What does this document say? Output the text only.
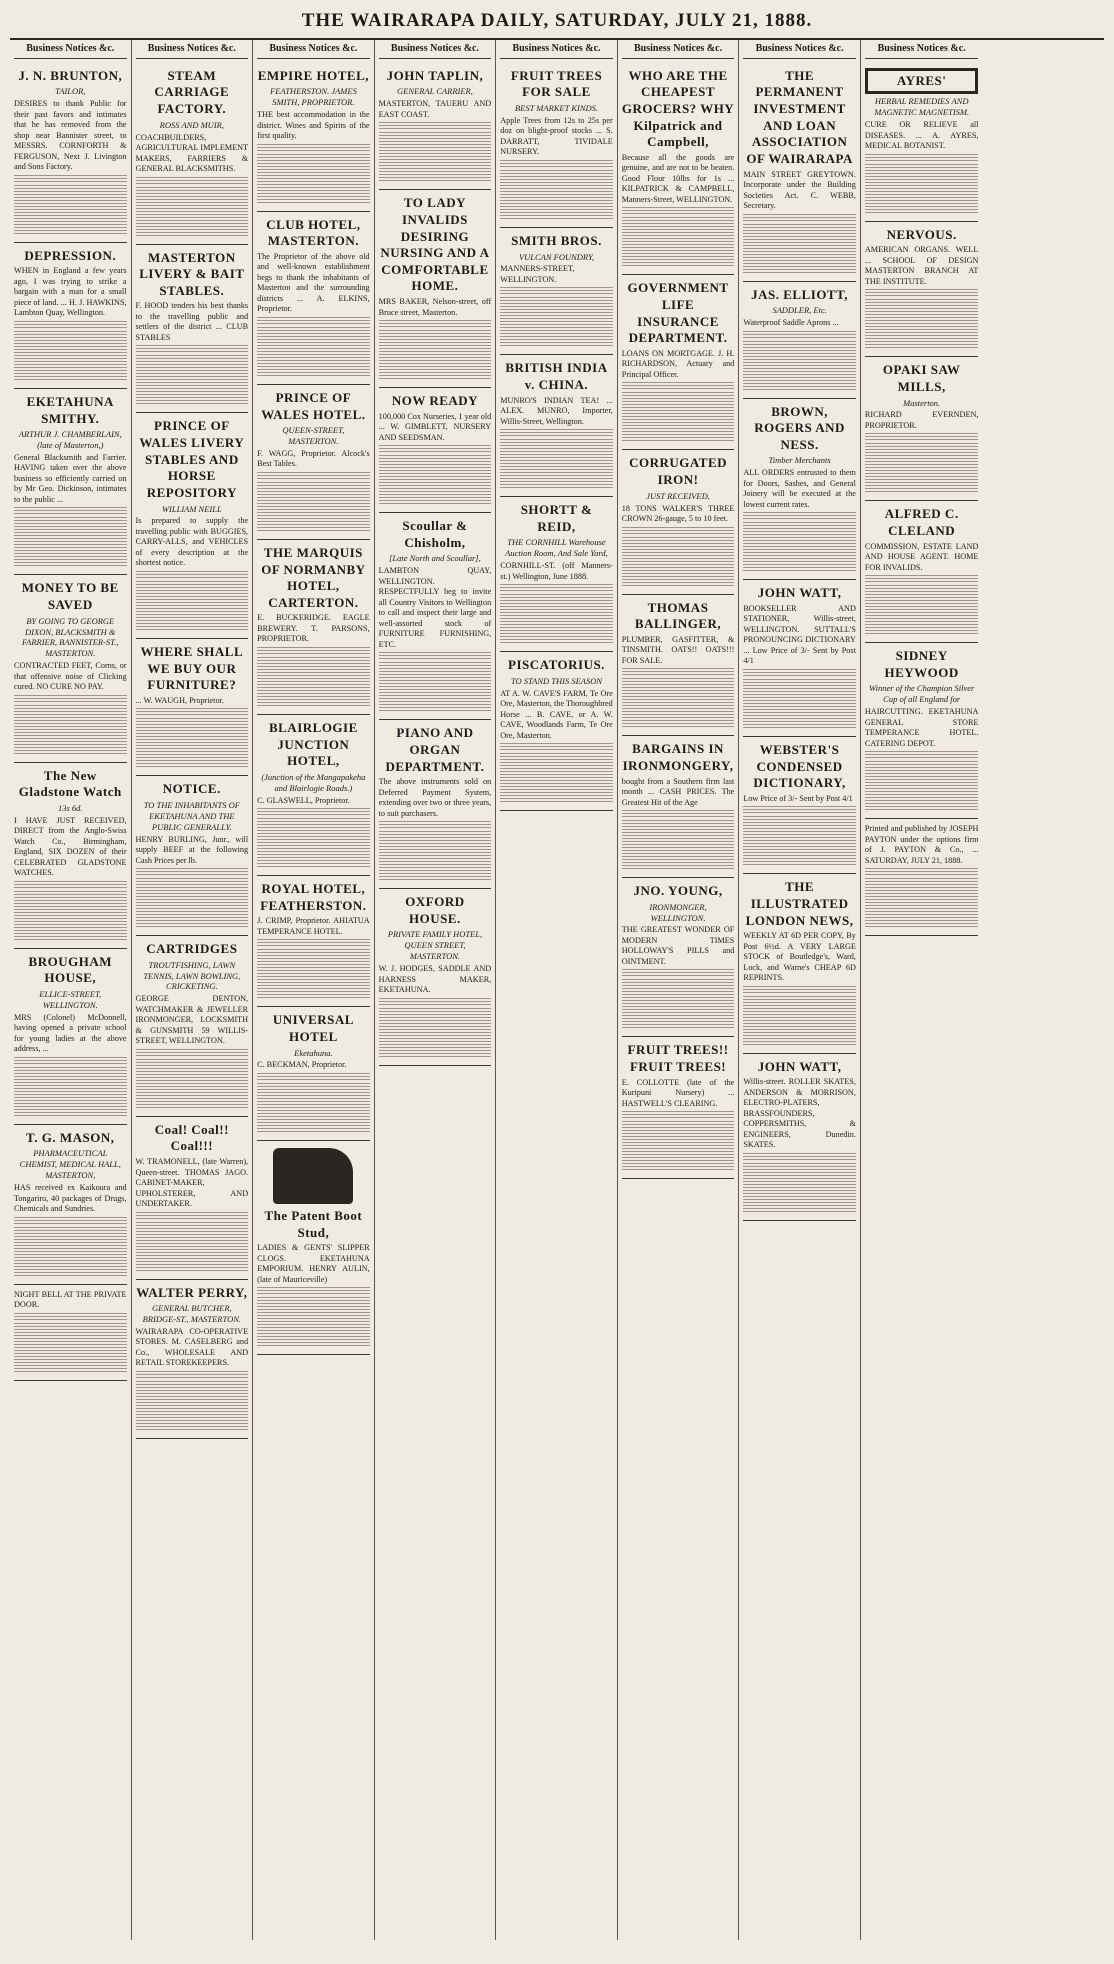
THE WAIRARAPA DAILY, SATURDAY, JULY 21, 1888.
Business Notices &c.
J. N. BRUNTON,
TAILOR,

DESIRES to thank Public for their past favors and intimates that he has removed from the shop near Bannister street, to MESSRS. CORNFORTH & FERGUSON, Next J. Livington and Sons Factory.

DEPRESSION.

WHEN in England a few years ago, I was trying to strike a bargain with a man for a small piece of land. ... H. J. HAWKINS, Lambton Quay, Wellington.

EKETAHUNA SMITHY.
ARTHUR J. CHAMBERLAIN, (late of Masterton,)

General Blacksmith and Farrier. HAVING taken over the above business so efficiently carried on by Mr Geo. Dickinson, intimates to the public ...

MONEY TO BE SAVED
BY GOING TO GEORGE DIXON, BLACKSMITH & FARRIER, BANNISTER-ST., MASTERTON.

CONTRACTED FEET, Corns, or that offensive noise of Clicking cured. NO CURE NO PAY.

The New Gladstone Watch
13s 6d.

I HAVE JUST RECEIVED, DIRECT from the Anglo-Swiss Watch Co., Birmingham, England, SIX DOZEN of their CELEBRATED GLADSTONE WATCHES.

BROUGHAM HOUSE,
ELLICE-STREET, WELLINGTON.

MRS (Colonel) McDonnell, having opened a private school for young ladies at the above address, ...

T. G. MASON,
PHARMACEUTICAL CHEMIST, MEDICAL HALL, MASTERTON,

HAS received ex Kaikoura and Tongariro, 40 packages of Drugs, Chemicals and Sundries.

NIGHT BELL AT THE PRIVATE DOOR.

Business Notices &c.
STEAM CARRIAGE FACTORY.
ROSS AND MUIR,

COACHBUILDERS, AGRICULTURAL IMPLEMENT MAKERS, FARRIERS & GENERAL BLACKSMITHS.

MASTERTON LIVERY & BAIT STABLES.

F. HOOD tenders his best thanks to the travelling public and settlers of the district ... CLUB STABLES

PRINCE OF WALES LIVERY STABLES AND HORSE REPOSITORY
WILLIAM NEILL

Is prepared to supply the travelling public with BUGGIES, CARRY-ALLS, and VEHICLES of every description at the shortest notice.

WHERE SHALL WE BUY OUR FURNITURE?

... W. WAUGH, Proprietor.

NOTICE.
TO THE INHABITANTS OF EKETAHUNA AND THE PUBLIC GENERALLY.

HENRY BURLING, Junr., will supply BEEF at the following Cash Prices per lb.

CARTRIDGES
TROUTFISHING, LAWN TENNIS, LAWN BOWLING, CRICKETING.

GEORGE DENTON, WATCHMAKER & JEWELLER IRONMONGER, LOCKSMITH & GUNSMITH 59 WILLIS-STREET, WELLINGTON.

Coal! Coal!! Coal!!!

W. TRAMONELL, (late Warren), Queen-street. THOMAS JAGO. CABINET-MAKER, UPHOLSTERER, AND UNDERTAKER.

WALTER PERRY,
GENERAL BUTCHER, BRIDGE-ST., MASTERTON.

WAIRARAPA CO-OPERATIVE STORES. M. CASELBERG and Co., WHOLESALE AND RETAIL STOREKEEPERS.

Business Notices &c.
EMPIRE HOTEL,
FEATHERSTON. JAMES SMITH, PROPRIETOR.

THE best accommodation in the district. Wines and Spirits of the first quality.

CLUB HOTEL, MASTERTON.

The Proprietor of the above old and well-known establishment begs to thank the inhabitants of Masterton and the surrounding districts ... A. ELKINS, Proprietor.

PRINCE OF WALES HOTEL.
QUEEN-STREET, MASTERTON.

F. WAGG, Proprietor. Alcock's Best Tables.

THE MARQUIS OF NORMANBY HOTEL, CARTERTON.

E. BUCKERIDGE. EAGLE BREWERY. T. PARSONS, PROPRIETOR.

BLAIRLOGIE JUNCTION HOTEL,
(Junction of the Mangapakeha and Blairlogie Roads.)

C. GLASWELL, Proprietor.

ROYAL HOTEL, FEATHERSTON.

J. CRIMP, Proprietor. AHIATUA TEMPERANCE HOTEL.

UNIVERSAL HOTEL
Eketahuna.

C. BECKMAN, Proprietor.

The Patent Boot Stud,

LADIES & GENTS' SLIPPER CLOGS. EKETAHUNA EMPORIUM. HENRY AULIN, (late of Mauriceville)

Business Notices &c.
JOHN TAPLIN,
GENERAL CARRIER,

MASTERTON, TAUERU AND EAST COAST.

TO LADY INVALIDS DESIRING NURSING AND A COMFORTABLE HOME.

MRS BAKER, Nelson-street, off Bruce street, Masterton.

NOW READY

100,000 Cox Nurseries, 1 year old ... W. GIMBLETT, NURSERY AND SEEDSMAN.

Scoullar & Chisholm,
[Late North and Scoullar],

LAMBTON QUAY, WELLINGTON. RESPECTFULLY beg to invite all Country Visitors to Wellington to call and inspect their large and well-assorted stock of FURNITURE FURNISHING, ETC.

PIANO AND ORGAN DEPARTMENT.

The above instruments sold on Deferred Payment System, extending over two or three years, to suit purchasers.

OXFORD HOUSE.
PRIVATE FAMILY HOTEL, QUEEN STREET, MASTERTON.

W. J. HODGES, SADDLE AND HARNESS MAKER, EKETAHUNA.

Business Notices &c.
FRUIT TREES FOR SALE
BEST MARKET KINDS.

Apple Trees from 12s to 25s per doz on blight-proof stocks ... S. DARRATT, TIVIDALE NURSERY.

SMITH BROS.
VULCAN FOUNDRY,

MANNERS-STREET, WELLINGTON.

BRITISH INDIA v. CHINA.

MUNRO'S INDIAN TEA! ... ALEX. MUNRO, Importer, Willis-Street, Wellington.

SHORTT & REID,
THE CORNHILL Warehouse Auction Room, And Sale Yard,

CORNHILL-ST. (off Manners-st.) Wellington, June 1888.

PISCATORIUS.
TO STAND THIS SEASON

AT A. W. CAVE'S FARM, Te Ore Ore, Masterton, the Thoroughbred Horse ... B. CAVE, or A. W. CAVE, Woodlands Farm, Te Ore Ore, Masterton.

Business Notices &c.
WHO ARE THE CHEAPEST GROCERS? WHY Kilpatrick and Campbell,

Because all the goods are genuine, and are not to be beaten. Good Flour 10lbs for 1s ... KILPATRICK & CAMPBELL, Manners-Street, WELLINGTON.

GOVERNMENT LIFE INSURANCE DEPARTMENT.

LOANS ON MORTGAGE. J. H. RICHARDSON, Actuary and Principal Officer.

CORRUGATED IRON!
JUST RECEIVED,

18 TONS WALKER'S THREE CROWN 26-gauge, 5 to 10 feet.

THOMAS BALLINGER,

PLUMBER, GASFITTER, & TINSMITH. OATS!! OATS!!! FOR SALE.

BARGAINS IN IRONMONGERY,

bought from a Southern firm last month ... CASH PRICES. The Greatest Hit of the Age

JNO. YOUNG,
IRONMONGER, WELLINGTON.

THE GREATEST WONDER OF MODERN TIMES HOLLOWAY'S PILLS and OINTMENT.

FRUIT TREES!! FRUIT TREES!

E. COLLOTTE (late of the Kuripuni Nursery) ... HASTWELL'S CLEARING.

Business Notices &c.
THE PERMANENT INVESTMENT AND LOAN ASSOCIATION OF WAIRARAPA

MAIN STREET GREYTOWN. Incorporate under the Building Societies Act. C. WEBB, Secretary.

JAS. ELLIOTT,
SADDLER, Etc.

Waterproof Saddle Aprons ...

BROWN, ROGERS AND NESS.
Timber Merchants

ALL ORDERS entrusted to them for Doors, Sashes, and General Joinery will be executed at the lowest current rates.

JOHN WATT,

BOOKSELLER AND STATIONER, Willis-street, WELLINGTON. SUTTALL'S PRONOUNCING DICTIONARY ... Low Price of 3/- Sent by Post 4/1

WEBSTER'S CONDENSED DICTIONARY,

Low Price of 3/- Sent by Post 4/1

THE ILLUSTRATED LONDON NEWS,

WEEKLY AT 6D PER COPY, By Post 6½d. A VERY LARGE STOCK of Boutledge's, Ward, Lock, and Warne's CHEAP 6D REPRINTS.

JOHN WATT,

Willis-street. ROLLER SKATES, ANDERSON & MORRISON, ELECTRO-PLATERS, BRASSFOUNDERS, COPPERSMITHS, & ENGINEERS, Dunedin. SKATES.

Business Notices &c.
AYRES'
HERBAL REMEDIES AND MAGNETIC MAGNETISM.

CURE OR RELIEVE all DISEASES. ... A. AYRES, MEDICAL BOTANIST.

NERVOUS.

AMERICAN ORGANS. WELL ... SCHOOL OF DESIGN MASTERTON BRANCH AT THE INSTITUTE.

OPAKI SAW MILLS,
Masterton.

RICHARD EVERNDEN, PROPRIETOR.

ALFRED C. CLELAND

COMMISSION, ESTATE LAND AND HOUSE AGENT. HOME FOR INVALIDS.

SIDNEY HEYWOOD
Winner of the Champion Silver Cup of all England for

HAIRCUTTING. EKETAHUNA GENERAL STORE TEMPERANCE HOTEL. CATERING DEPOT.

Printed and published by JOSEPH PAYTON under the options firm of J. PAYTON & Co., ... SATURDAY, JULY 21, 1888.
